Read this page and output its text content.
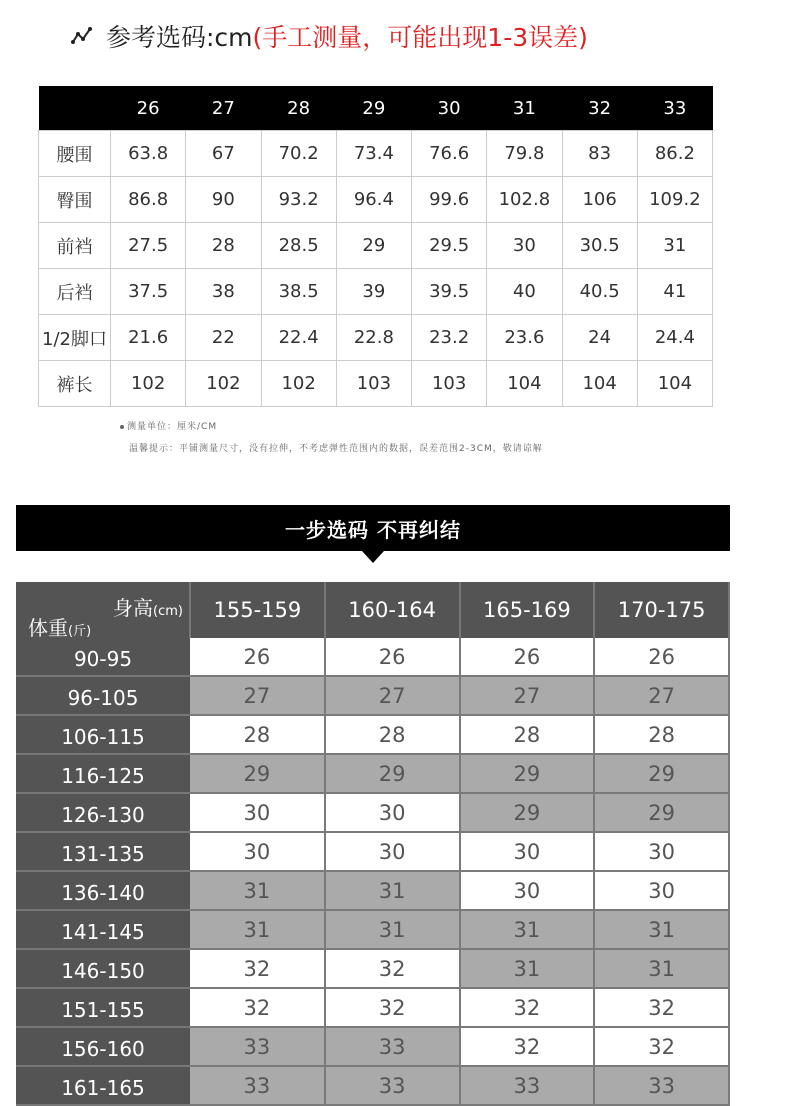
参考选码:cm (手工测量，可能出现1-3误差)
	26	27	28	29	30	31	32	33
腰围	63.8	67	70.2	73.4	76.6	79.8	83	86.2
臀围	86.8	90	93.2	96.4	99.6	102.8	106	109.2
前裆	27.5	28	28.5	29	29.5	30	30.5	31
后裆	37.5	38	38.5	39	39.5	40	40.5	41
1/2脚口	21.6	22	22.4	22.8	23.2	23.6	24	24.4
裤长	102	102	102	103	103	104	104	104
测量单位：厘米/CM
温馨提示：平铺测量尺寸，没有拉伸，不考虑弹性范围内的数据，误差范围2-3CM，敬请谅解
一步选码 不再纠结
身高(cm)
体重(斤)	155-159	160-164	165-169	170-175
90-95	26	26	26	26
96-105	27	27	27	27
106-115	28	28	28	28
116-125	29	29	29	29
126-130	30	30	29	29
131-135	30	30	30	30
136-140	31	31	30	30
141-145	31	31	31	31
146-150	32	32	31	31
151-155	32	32	32	32
156-160	33	33	32	32
161-165	33	33	33	33
